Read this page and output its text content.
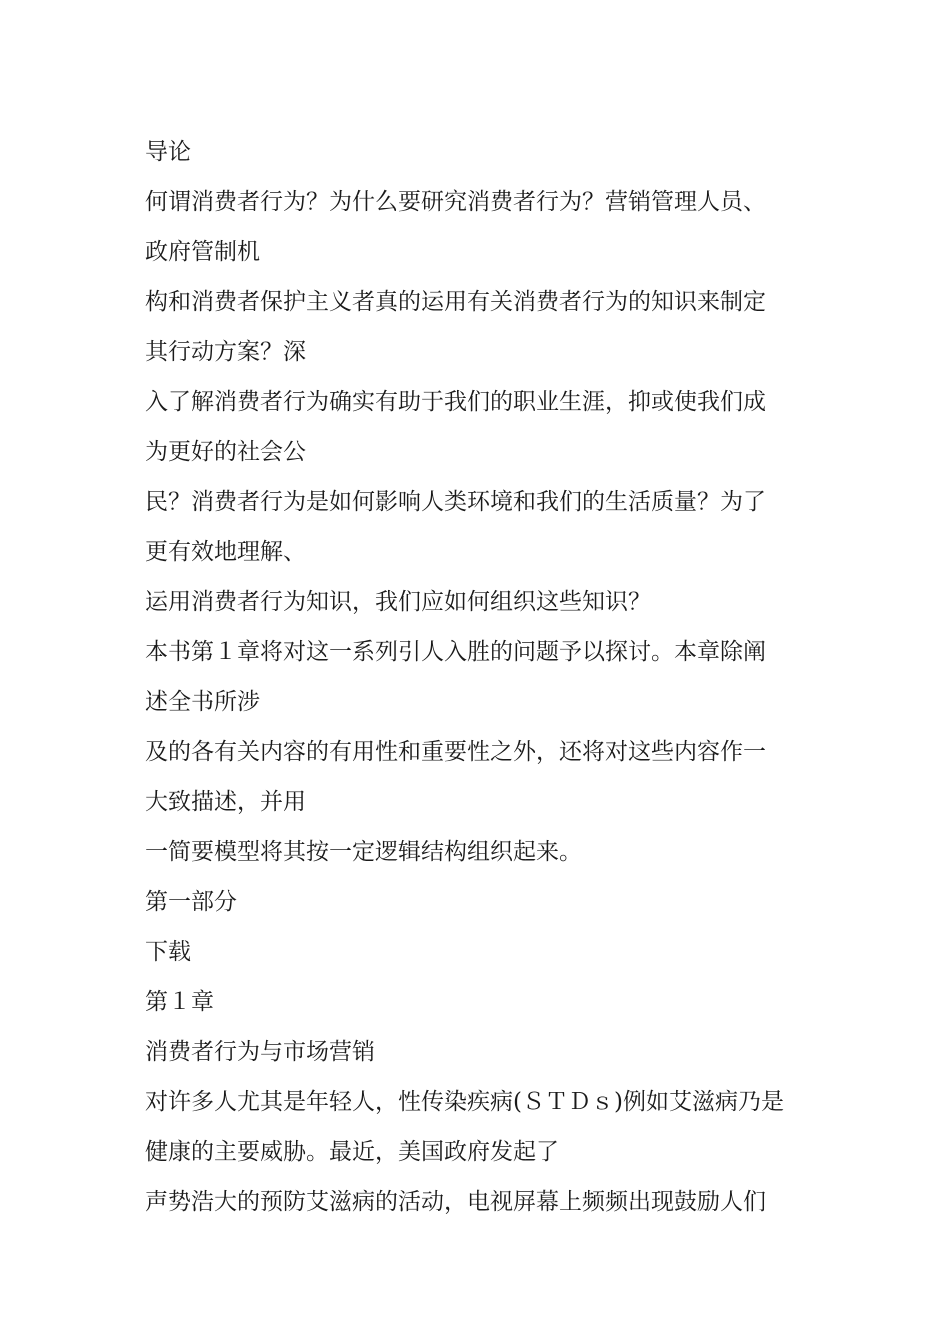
导论

何谓消费者行为？为什么要研究消费者行为？营销管理人员、

政府管制机

构和消费者保护主义者真的运用有关消费者行为的知识来制定

其行动方案？深

入了解消费者行为确实有助于我们的职业生涯，抑或使我们成

为更好的社会公

民？消费者行为是如何影响人类环境和我们的生活质量？为了

更有效地理解、

运用消费者行为知识，我们应如何组织这些知识？

本书第１章将对这一系列引人入胜的问题予以探讨。本章除阐

述全书所涉

及的各有关内容的有用性和重要性之外，还将对这些内容作一

大致描述，并用

一简要模型将其按一定逻辑结构组织起来。

第一部分

下载

第１章

消费者行为与市场营销

对许多人尤其是年轻人，性传染疾病(ＳＴＤｓ)例如艾滋病乃是

健康的主要威胁。最近，美国政府发起了

声势浩大的预防艾滋病的活动，电视屏幕上频频出现鼓励人们
